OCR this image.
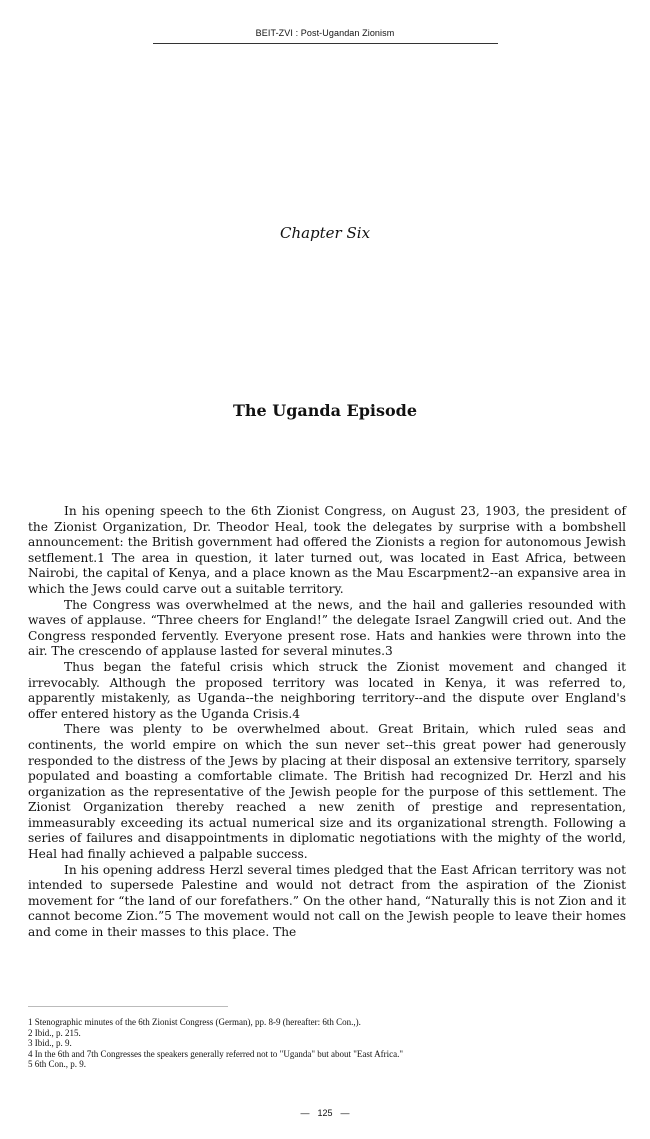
BEIT-ZVI : Post-Ugandan Zionism
Chapter Six
The Uganda Episode

In his opening speech to the 6th Zionist Congress, on August 23, 1903, the president of the Zionist Organization, Dr. Theodor Heal, took the delegates by surprise with a bombshell announcement: the British government had offered the Zionists a region for autonomous Jewish setflement.1 The area in question, it later turned out, was located in East Africa, between Nairobi, the capital of Kenya, and a place known as the Mau Escarpment2--an expansive area in which the Jews could carve out a suitable territory.

The Congress was overwhelmed at the news, and the hail and galleries resounded with waves of applause. “Three cheers for England!” the delegate Israel Zangwill cried out. And the Congress responded fervently. Everyone present rose. Hats and hankies were thrown into the air. The crescendo of applause lasted for several minutes.3

Thus began the fateful crisis which struck the Zionist movement and changed it irrevocably. Although the proposed territory was located in Kenya, it was referred to, apparently mistakenly, as Uganda--the neighboring territory--and the dispute over England's offer entered history as the Uganda Crisis.4

There was plenty to be overwhelmed about. Great Britain, which ruled seas and continents, the world empire on which the sun never set--this great power had generously responded to the distress of the Jews by placing at their disposal an extensive territory, sparsely populated and boasting a comfortable climate. The British had recognized Dr. Herzl and his organization as the representative of the Jewish people for the purpose of this settlement. The Zionist Organization thereby reached a new zenith of prestige and representation, immeasurably exceeding its actual numerical size and its organizational strength. Following a series of failures and disappointments in diplomatic negotiations with the mighty of the world, Heal had finally achieved a palpable success.

In his opening address Herzl several times pledged that the East African territory was not intended to supersede Palestine and would not detract from the aspiration of the Zionist movement for “the land of our forefathers.” On the other hand, “Naturally this is not Zion and it cannot become Zion.”5 The movement would not call on the Jewish people to leave their homes and come in their masses to this place. The

1 Stenographic minutes of the 6th Zionist Congress (German), pp. 8-9 (hereafter: 6th Con.,).
2 Ibid., p. 215.
3 Ibid., p. 9.
4 In the 6th and 7th Congresses the speakers generally referred not to "Uganda" but about "East Africa."
5 6th Con., p. 9.
— 125 —
